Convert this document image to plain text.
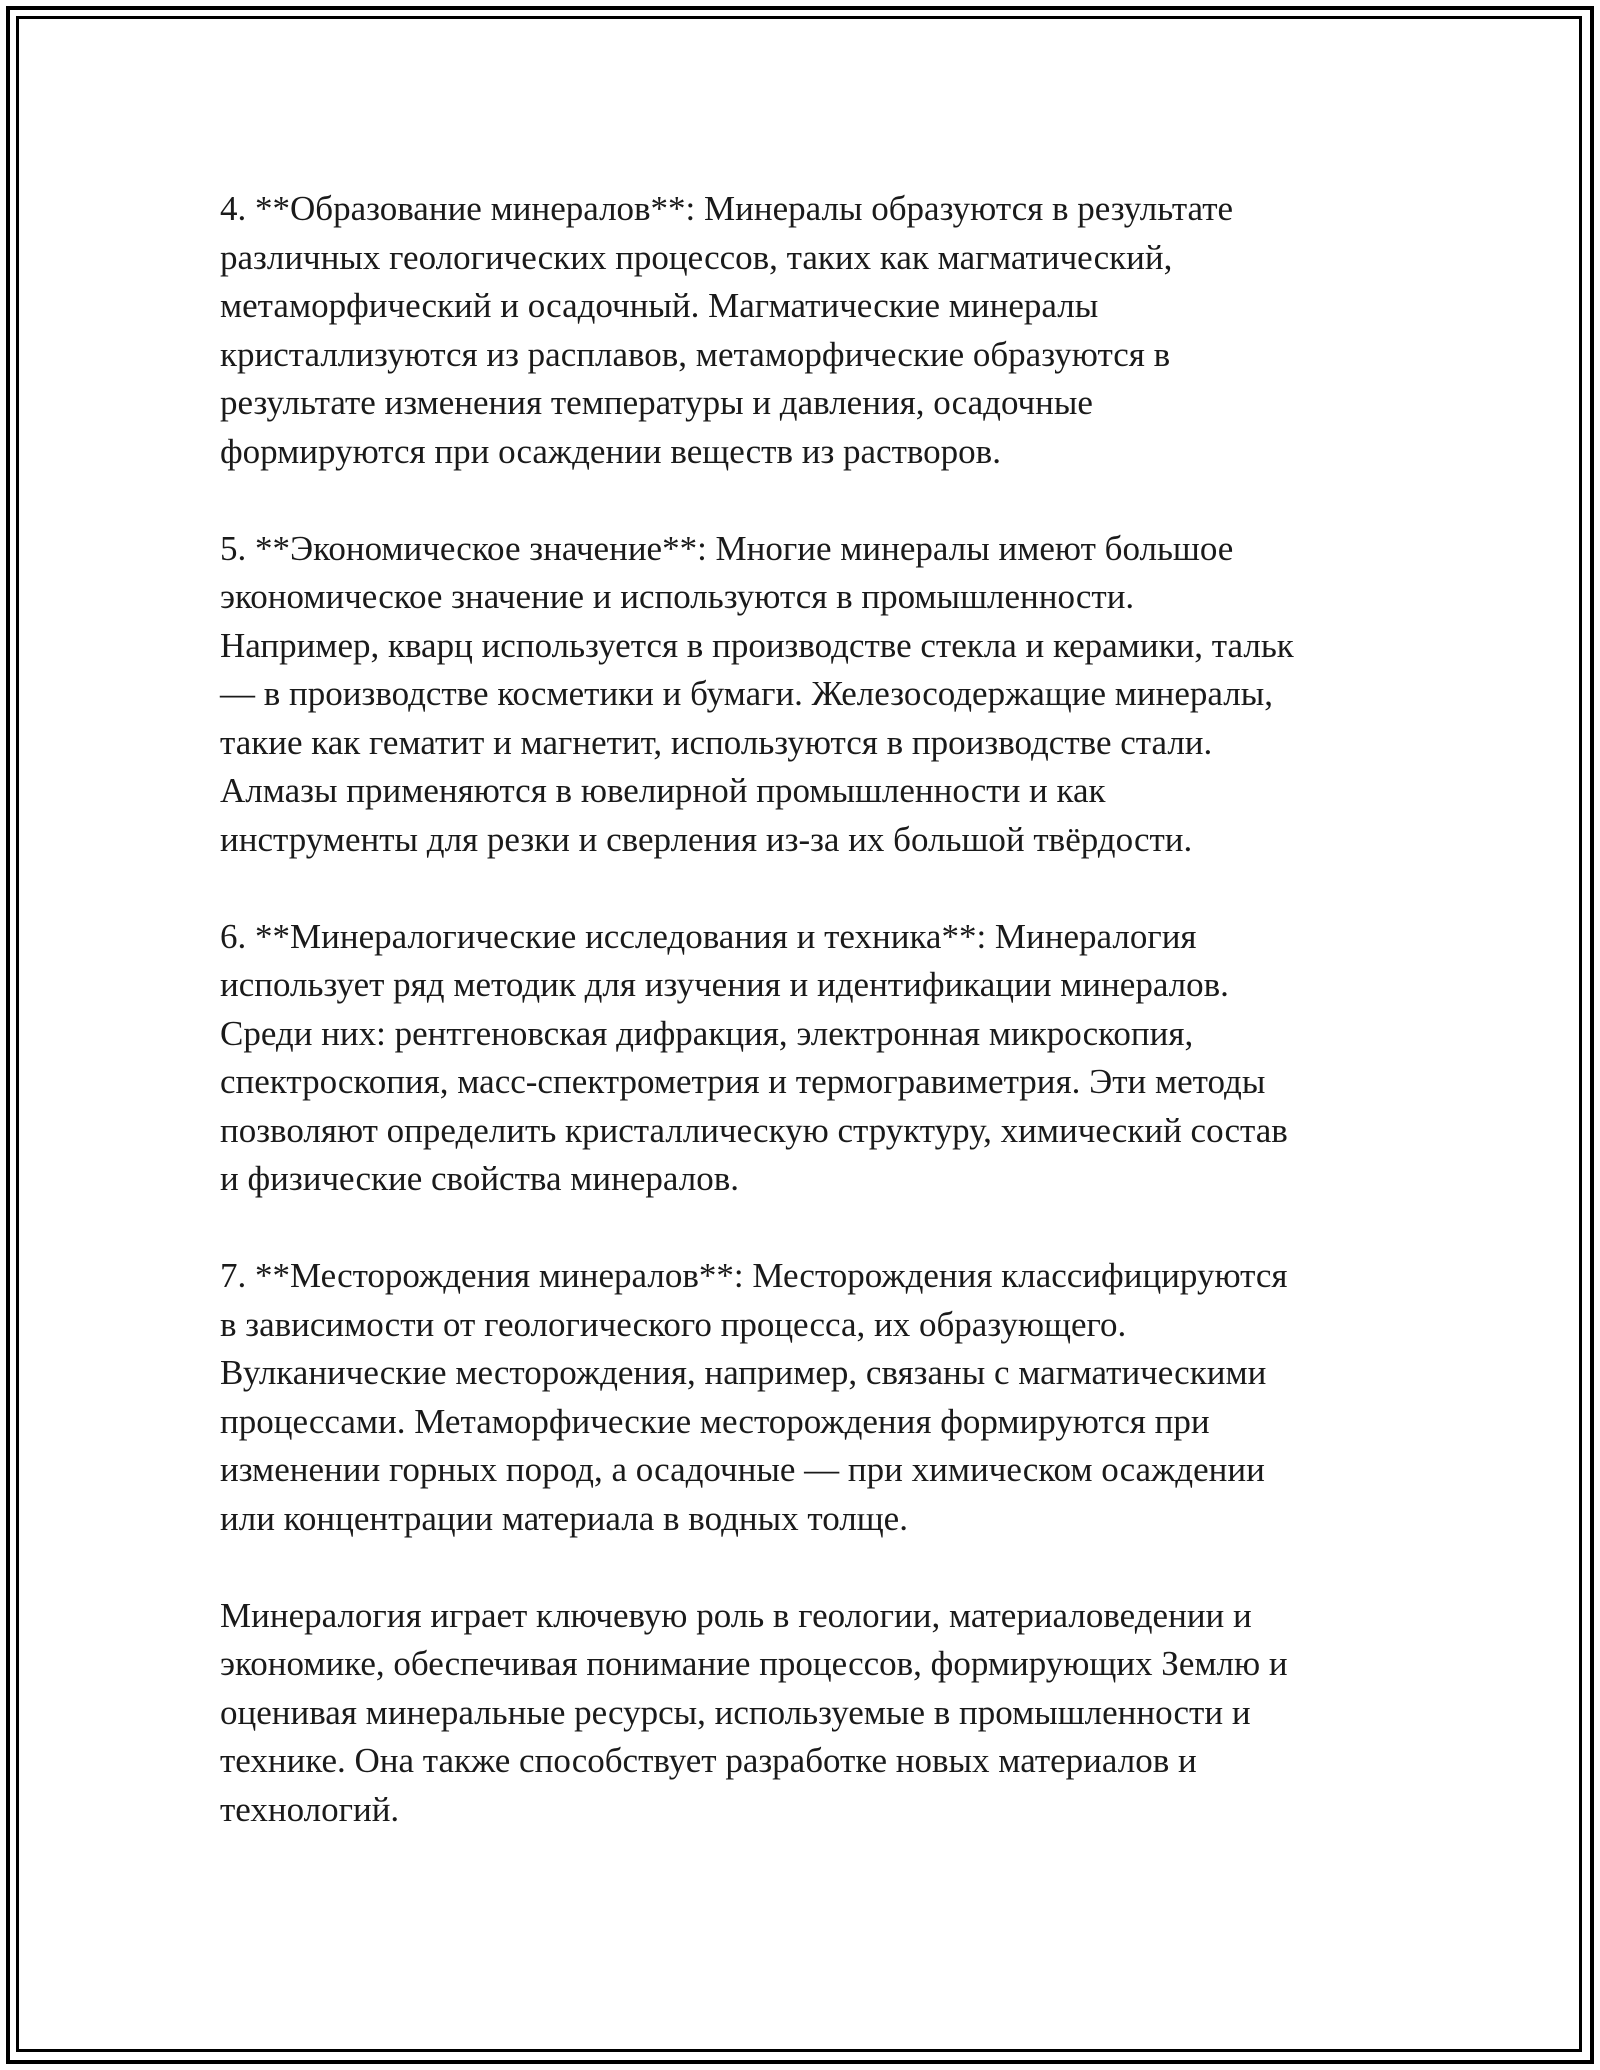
4. **Образование минералов**: Минералы образуются в результате
различных геологических процессов, таких как магматический,
метаморфический и осадочный. Магматические минералы
кристаллизуются из расплавов, метаморфические образуются в
результате изменения температуры и давления, осадочные
формируются при осаждении веществ из растворов.

5. **Экономическое значение**: Многие минералы имеют большое
экономическое значение и используются в промышленности.
Например, кварц используется в производстве стекла и керамики, тальк
— в производстве косметики и бумаги. Железосодержащие минералы,
такие как гематит и магнетит, используются в производстве стали.
Алмазы применяются в ювелирной промышленности и как
инструменты для резки и сверления из-за их большой твёрдости.

6. **Минералогические исследования и техника**: Минералогия
использует ряд методик для изучения и идентификации минералов.
Среди них: рентгеновская дифракция, электронная микроскопия,
спектроскопия, масс-спектрометрия и термогравиметрия. Эти методы
позволяют определить кристаллическую структуру, химический состав
и физические свойства минералов.

7. **Месторождения минералов**: Месторождения классифицируются
в зависимости от геологического процесса, их образующего.
Вулканические месторождения, например, связаны с магматическими
процессами. Метаморфические месторождения формируются при
изменении горных пород, а осадочные — при химическом осаждении
или концентрации материала в водных толще.

Минералогия играет ключевую роль в геологии, материаловедении и
экономике, обеспечивая понимание процессов, формирующих Землю и
оценивая минеральные ресурсы, используемые в промышленности и
технике. Она также способствует разработке новых материалов и
технологий.
